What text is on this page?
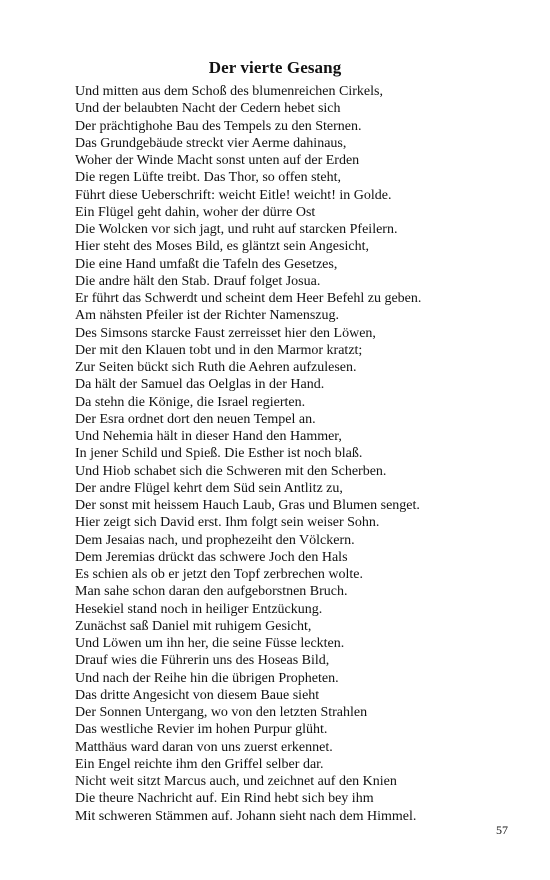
Der vierte Gesang
Und mitten aus dem Schoß des blumenreichen Cirkels,
Und der belaubten Nacht der Cedern hebet sich
Der prächtighohe Bau des Tempels zu den Sternen.
Das Grundgebäude streckt vier Aerme dahinaus,
Woher der Winde Macht sonst unten auf der Erden
Die regen Lüfte treibt. Das Thor, so offen steht,
Führt diese Ueberschrift: weicht Eitle! weicht! in Golde.
Ein Flügel geht dahin, woher der dürre Ost
Die Wolcken vor sich jagt, und ruht auf starcken Pfeilern.
Hier steht des Moses Bild, es gläntzt sein Angesicht,
Die eine Hand umfaßt die Tafeln des Gesetzes,
Die andre hält den Stab. Drauf folget Josua.
Er führt das Schwerdt und scheint dem Heer Befehl zu geben.
Am nähsten Pfeiler ist der Richter Namenszug.
Des Simsons starcke Faust zerreisset hier den Löwen,
Der mit den Klauen tobt und in den Marmor kratzt;
Zur Seiten bückt sich Ruth die Aehren aufzulesen.
Da hält der Samuel das Oelglas in der Hand.
Da stehn die Könige, die Israel regierten.
Der Esra ordnet dort den neuen Tempel an.
Und Nehemia hält in dieser Hand den Hammer,
In jener Schild und Spieß. Die Esther ist noch blaß.
Und Hiob schabet sich die Schweren mit den Scherben.
Der andre Flügel kehrt dem Süd sein Antlitz zu,
Der sonst mit heissem Hauch Laub, Gras und Blumen senget.
Hier zeigt sich David erst. Ihm folgt sein weiser Sohn.
Dem Jesaias nach, und prophezeiht den Völckern.
Dem Jeremias drückt das schwere Joch den Hals
Es schien als ob er jetzt den Topf zerbrechen wolte.
Man sahe schon daran den aufgeborstnen Bruch.
Hesekiel stand noch in heiliger Entzückung.
Zunächst saß Daniel mit ruhigem Gesicht,
Und Löwen um ihn her, die seine Füsse leckten.
Drauf wies die Führerin uns des Hoseas Bild,
Und nach der Reihe hin die übrigen Propheten.
Das dritte Angesicht von diesem Baue sieht
Der Sonnen Untergang, wo von den letzten Strahlen
Das westliche Revier im hohen Purpur glüht.
Matthäus ward daran von uns zuerst erkennet.
Ein Engel reichte ihm den Griffel selber dar.
Nicht weit sitzt Marcus auch, und zeichnet auf den Knien
Die theure Nachricht auf. Ein Rind hebt sich bey ihm
Mit schweren Stämmen auf. Johann sieht nach dem Himmel.
57
